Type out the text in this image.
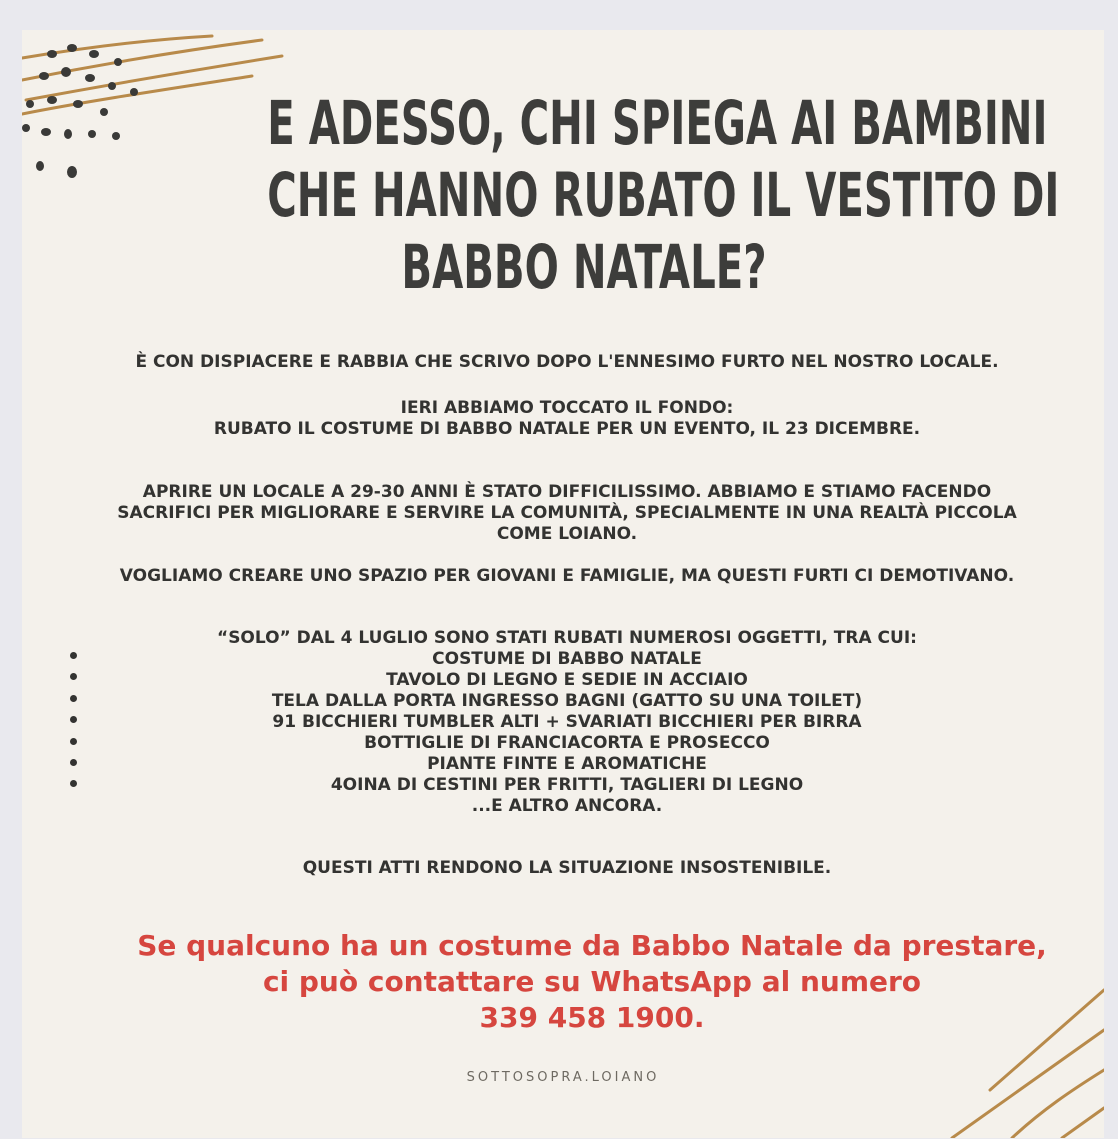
E ADESSO, CHI SPIEGA AI BAMBINI
CHE HANNO RUBATO IL VESTITO DI
BABBO NATALE?

È CON DISPIACERE E RABBIA CHE SCRIVO DOPO L'ENNESIMO FURTO NEL NOSTRO LOCALE.

IERI ABBIAMO TOCCATO IL FONDO:
RUBATO IL COSTUME DI BABBO NATALE PER UN EVENTO, IL 23 DICEMBRE.

APRIRE UN LOCALE A 29-30 ANNI È STATO DIFFICILISSIMO. ABBIAMO E STIAMO FACENDO
SACRIFICI PER MIGLIORARE E SERVIRE LA COMUNITÀ, SPECIALMENTE IN UNA REALTÀ PICCOLA
COME LOIANO.

VOGLIAMO CREARE UNO SPAZIO PER GIOVANI E FAMIGLIE, MA QUESTI FURTI CI DEMOTIVANO.

“SOLO” DAL 4 LUGLIO SONO STATI RUBATI NUMEROSI OGGETTI, TRA CUI:
COSTUME DI BABBO NATALE
TAVOLO DI LEGNO E SEDIE IN ACCIAIO
TELA DALLA PORTA INGRESSO BAGNI (GATTO SU UNA TOILET)
91 BICCHIERI TUMBLER ALTI + SVARIATI BICCHIERI PER BIRRA
BOTTIGLIE DI FRANCIACORTA E PROSECCO
PIANTE FINTE E AROMATICHE
4OINA DI CESTINI PER FRITTI, TAGLIERI DI LEGNO
...E ALTRO ANCORA.

QUESTI ATTI RENDONO LA SITUAZIONE INSOSTENIBILE.

Se qualcuno ha un costume da Babbo Natale da prestare,
ci può contattare su WhatsApp al numero
339 458 1900.

SOTTOSOPRA.LOIANO
